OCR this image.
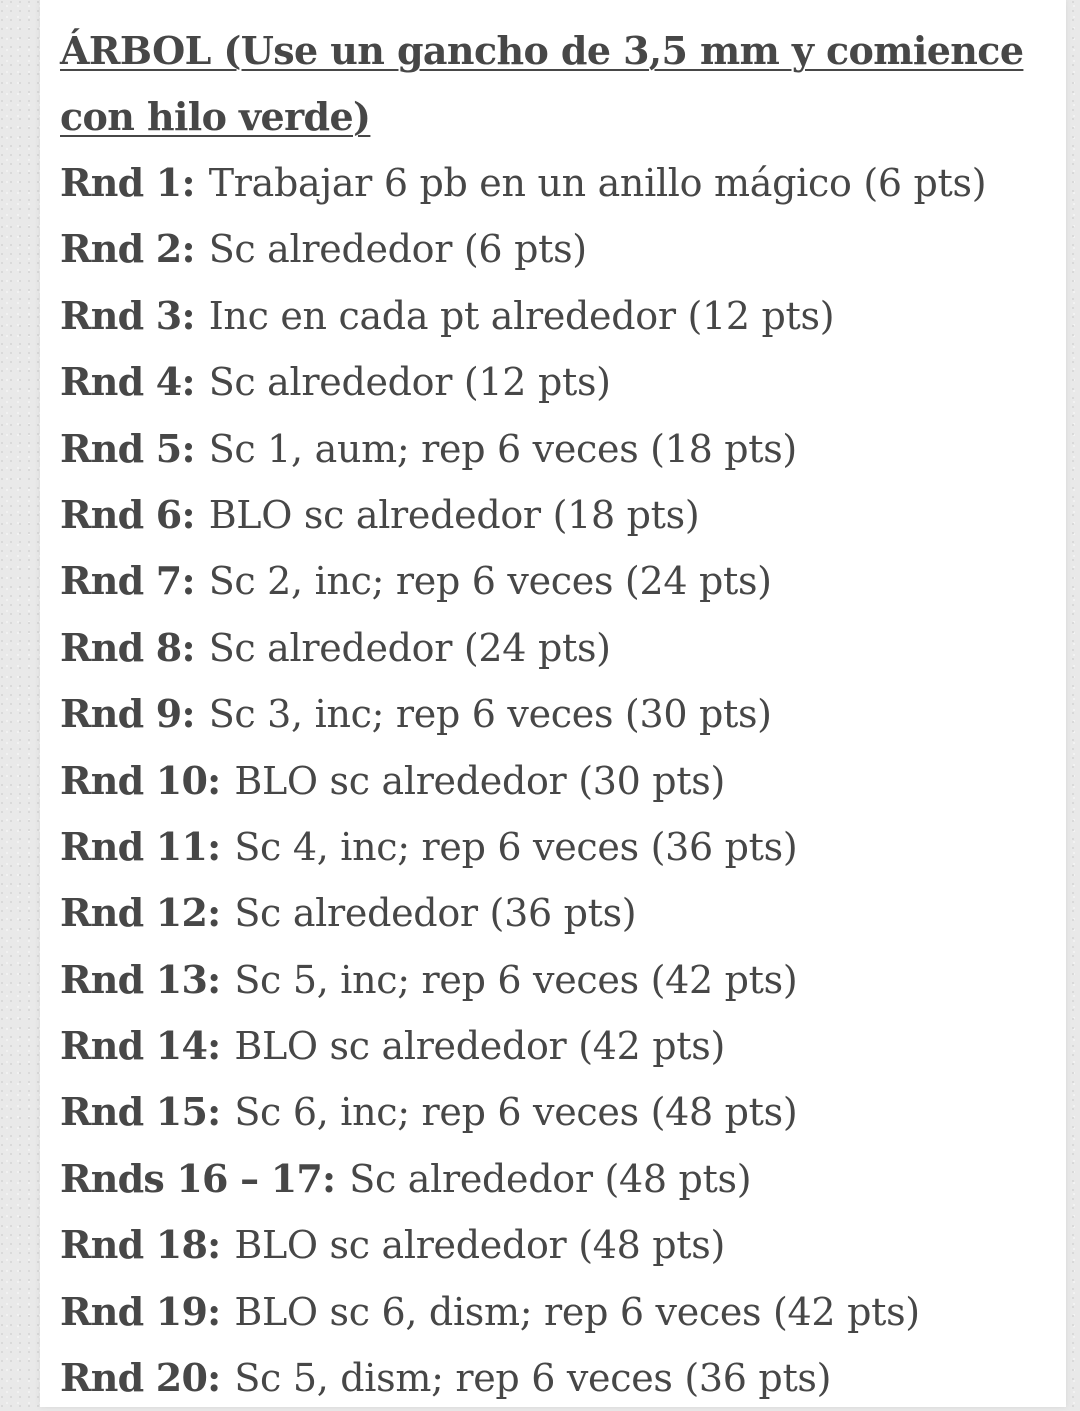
ÁRBOL (Use un gancho de 3,5 mm y comience con hilo verde)

Rnd 1: Trabajar 6 pb en un anillo mágico (6 pts)
Rnd 2: Sc alrededor (6 pts)
Rnd 3: Inc en cada pt alrededor (12 pts)
Rnd 4: Sc alrededor (12 pts)
Rnd 5: Sc 1, aum; rep 6 veces (18 pts)
Rnd 6: BLO sc alrededor (18 pts)
Rnd 7: Sc 2, inc; rep 6 veces (24 pts)
Rnd 8: Sc alrededor (24 pts)
Rnd 9: Sc 3, inc; rep 6 veces (30 pts)
Rnd 10: BLO sc alrededor (30 pts)
Rnd 11: Sc 4, inc; rep 6 veces (36 pts)
Rnd 12: Sc alrededor (36 pts)
Rnd 13: Sc 5, inc; rep 6 veces (42 pts)
Rnd 14: BLO sc alrededor (42 pts)
Rnd 15: Sc 6, inc; rep 6 veces (48 pts)
Rnds 16 – 17: Sc alrededor (48 pts)
Rnd 18: BLO sc alrededor (48 pts)
Rnd 19: BLO sc 6, dism; rep 6 veces (42 pts)
Rnd 20: Sc 5, dism; rep 6 veces (36 pts)
